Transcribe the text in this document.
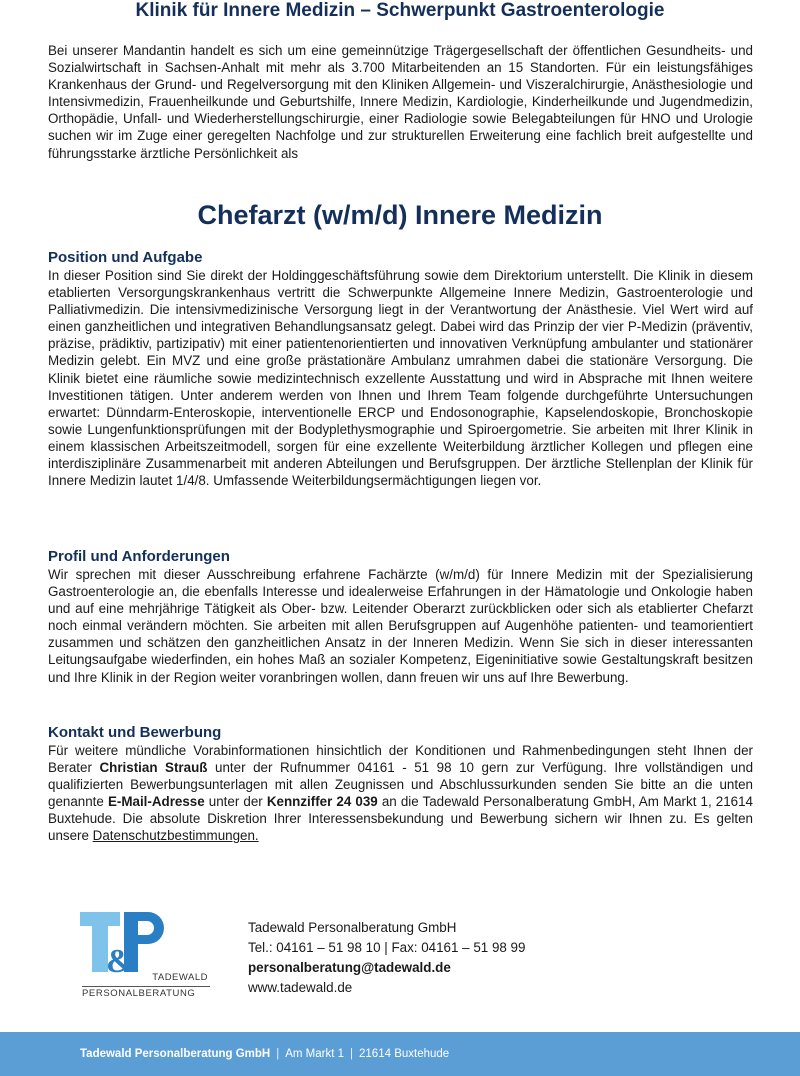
Klinik für Innere Medizin – Schwerpunkt Gastroenterologie
Bei unserer Mandantin handelt es sich um eine gemeinnützige Trägergesellschaft der öffentlichen Gesundheits- und Sozialwirtschaft in Sachsen-Anhalt mit mehr als 3.700 Mitarbeitenden an 15 Standorten. Für ein leistungsfähiges Krankenhaus der Grund- und Regelversorgung mit den Kliniken Allgemein- und Viszeralchirurgie, Anästhesiologie und Intensivmedizin, Frauenheilkunde und Geburtshilfe, Innere Medizin, Kardiologie, Kinderheilkunde und Jugendmedizin, Orthopädie, Unfall- und Wiederherstellungschirurgie, einer Radiologie sowie Belegabteilungen für HNO und Urologie suchen wir im Zuge einer geregelten Nachfolge und zur strukturellen Erweiterung eine fachlich breit aufgestellte und führungsstarke ärztliche Persönlichkeit als
Chefarzt (w/m/d) Innere Medizin
Position und Aufgabe

In dieser Position sind Sie direkt der Holdinggeschäftsführung sowie dem Direktorium unterstellt. Die Klinik in diesem etablierten Versorgungskrankenhaus vertritt die Schwerpunkte Allgemeine Innere Medizin, Gastroenterologie und Palliativmedizin. Die intensivmedizinische Versorgung liegt in der Verantwortung der Anästhesie. Viel Wert wird auf einen ganzheitlichen und integrativen Behandlungsansatz gelegt. Dabei wird das Prinzip der vier P-Medizin (präventiv, präzise, prädiktiv, partizipativ) mit einer patientenorientierten und innovativen Verknüpfung ambulanter und stationärer Medizin gelebt. Ein MVZ und eine große prästationäre Ambulanz umrahmen dabei die stationäre Versorgung. Die Klinik bietet eine räumliche sowie medizintechnisch exzellente Ausstattung und wird in Absprache mit Ihnen weitere Investitionen tätigen. Unter anderem werden von Ihnen und Ihrem Team folgende durchgeführte Untersuchungen erwartet: Dünndarm-Enteroskopie, interventionelle ERCP und Endosonographie, Kapselendoskopie, Bronchoskopie sowie Lungenfunktionsprüfungen mit der Bodyplethysmographie und Spiroergometrie. Sie arbeiten mit Ihrer Klinik in einem klassischen Arbeitszeitmodell, sorgen für eine exzellente Weiterbildung ärztlicher Kollegen und pflegen eine interdisziplinäre Zusammenarbeit mit anderen Abteilungen und Berufsgruppen. Der ärztliche Stellenplan der Klinik für Innere Medizin lautet 1/4/8. Umfassende Weiterbildungsermächtigungen liegen vor.

Profil und Anforderungen

Wir sprechen mit dieser Ausschreibung erfahrene Fachärzte (w/m/d) für Innere Medizin mit der Spezialisierung Gastroenterologie an, die ebenfalls Interesse und idealerweise Erfahrungen in der Hämatologie und Onkologie haben und auf eine mehrjährige Tätigkeit als Ober- bzw. Leitender Oberarzt zurückblicken oder sich als etablierter Chefarzt noch einmal verändern möchten. Sie arbeiten mit allen Berufsgruppen auf Augenhöhe patienten- und teamorientiert zusammen und schätzen den ganzheitlichen Ansatz in der Inneren Medizin. Wenn Sie sich in dieser interessanten Leitungsaufgabe wiederfinden, ein hohes Maß an sozialer Kompetenz, Eigeninitiative sowie Gestaltungskraft besitzen und Ihre Klinik in der Region weiter voranbringen wollen, dann freuen wir uns auf Ihre Bewerbung.

Kontakt und Bewerbung

Für weitere mündliche Vorabinformationen hinsichtlich der Konditionen und Rahmenbedingungen steht Ihnen der Berater Christian Strauß unter der Rufnummer 04161 - 51 98 10 gern zur Verfügung. Ihre vollständigen und qualifizierten Bewerbungsunterlagen mit allen Zeugnissen und Abschlussurkunden senden Sie bitte an die unten genannte E-Mail-Adresse unter der Kennziffer 24 039 an die Tadewald Personalberatung GmbH, Am Markt 1, 21614 Buxtehude. Die absolute Diskretion Ihrer Interessensbekundung und Bewerbung sichern wir Ihnen zu. Es gelten unsere Datenschutzbestimmungen.

&	TADEWALD
PERSONALBERATUNG
Tadewald Personalberatung GmbH
Tel.: 04161 – 51 98 10 | Fax: 04161 – 51 98 99
personalberatung@tadewald.de
www.tadewald.de
Tadewald Personalberatung GmbH | Am Markt 1 | 21614 Buxtehude
